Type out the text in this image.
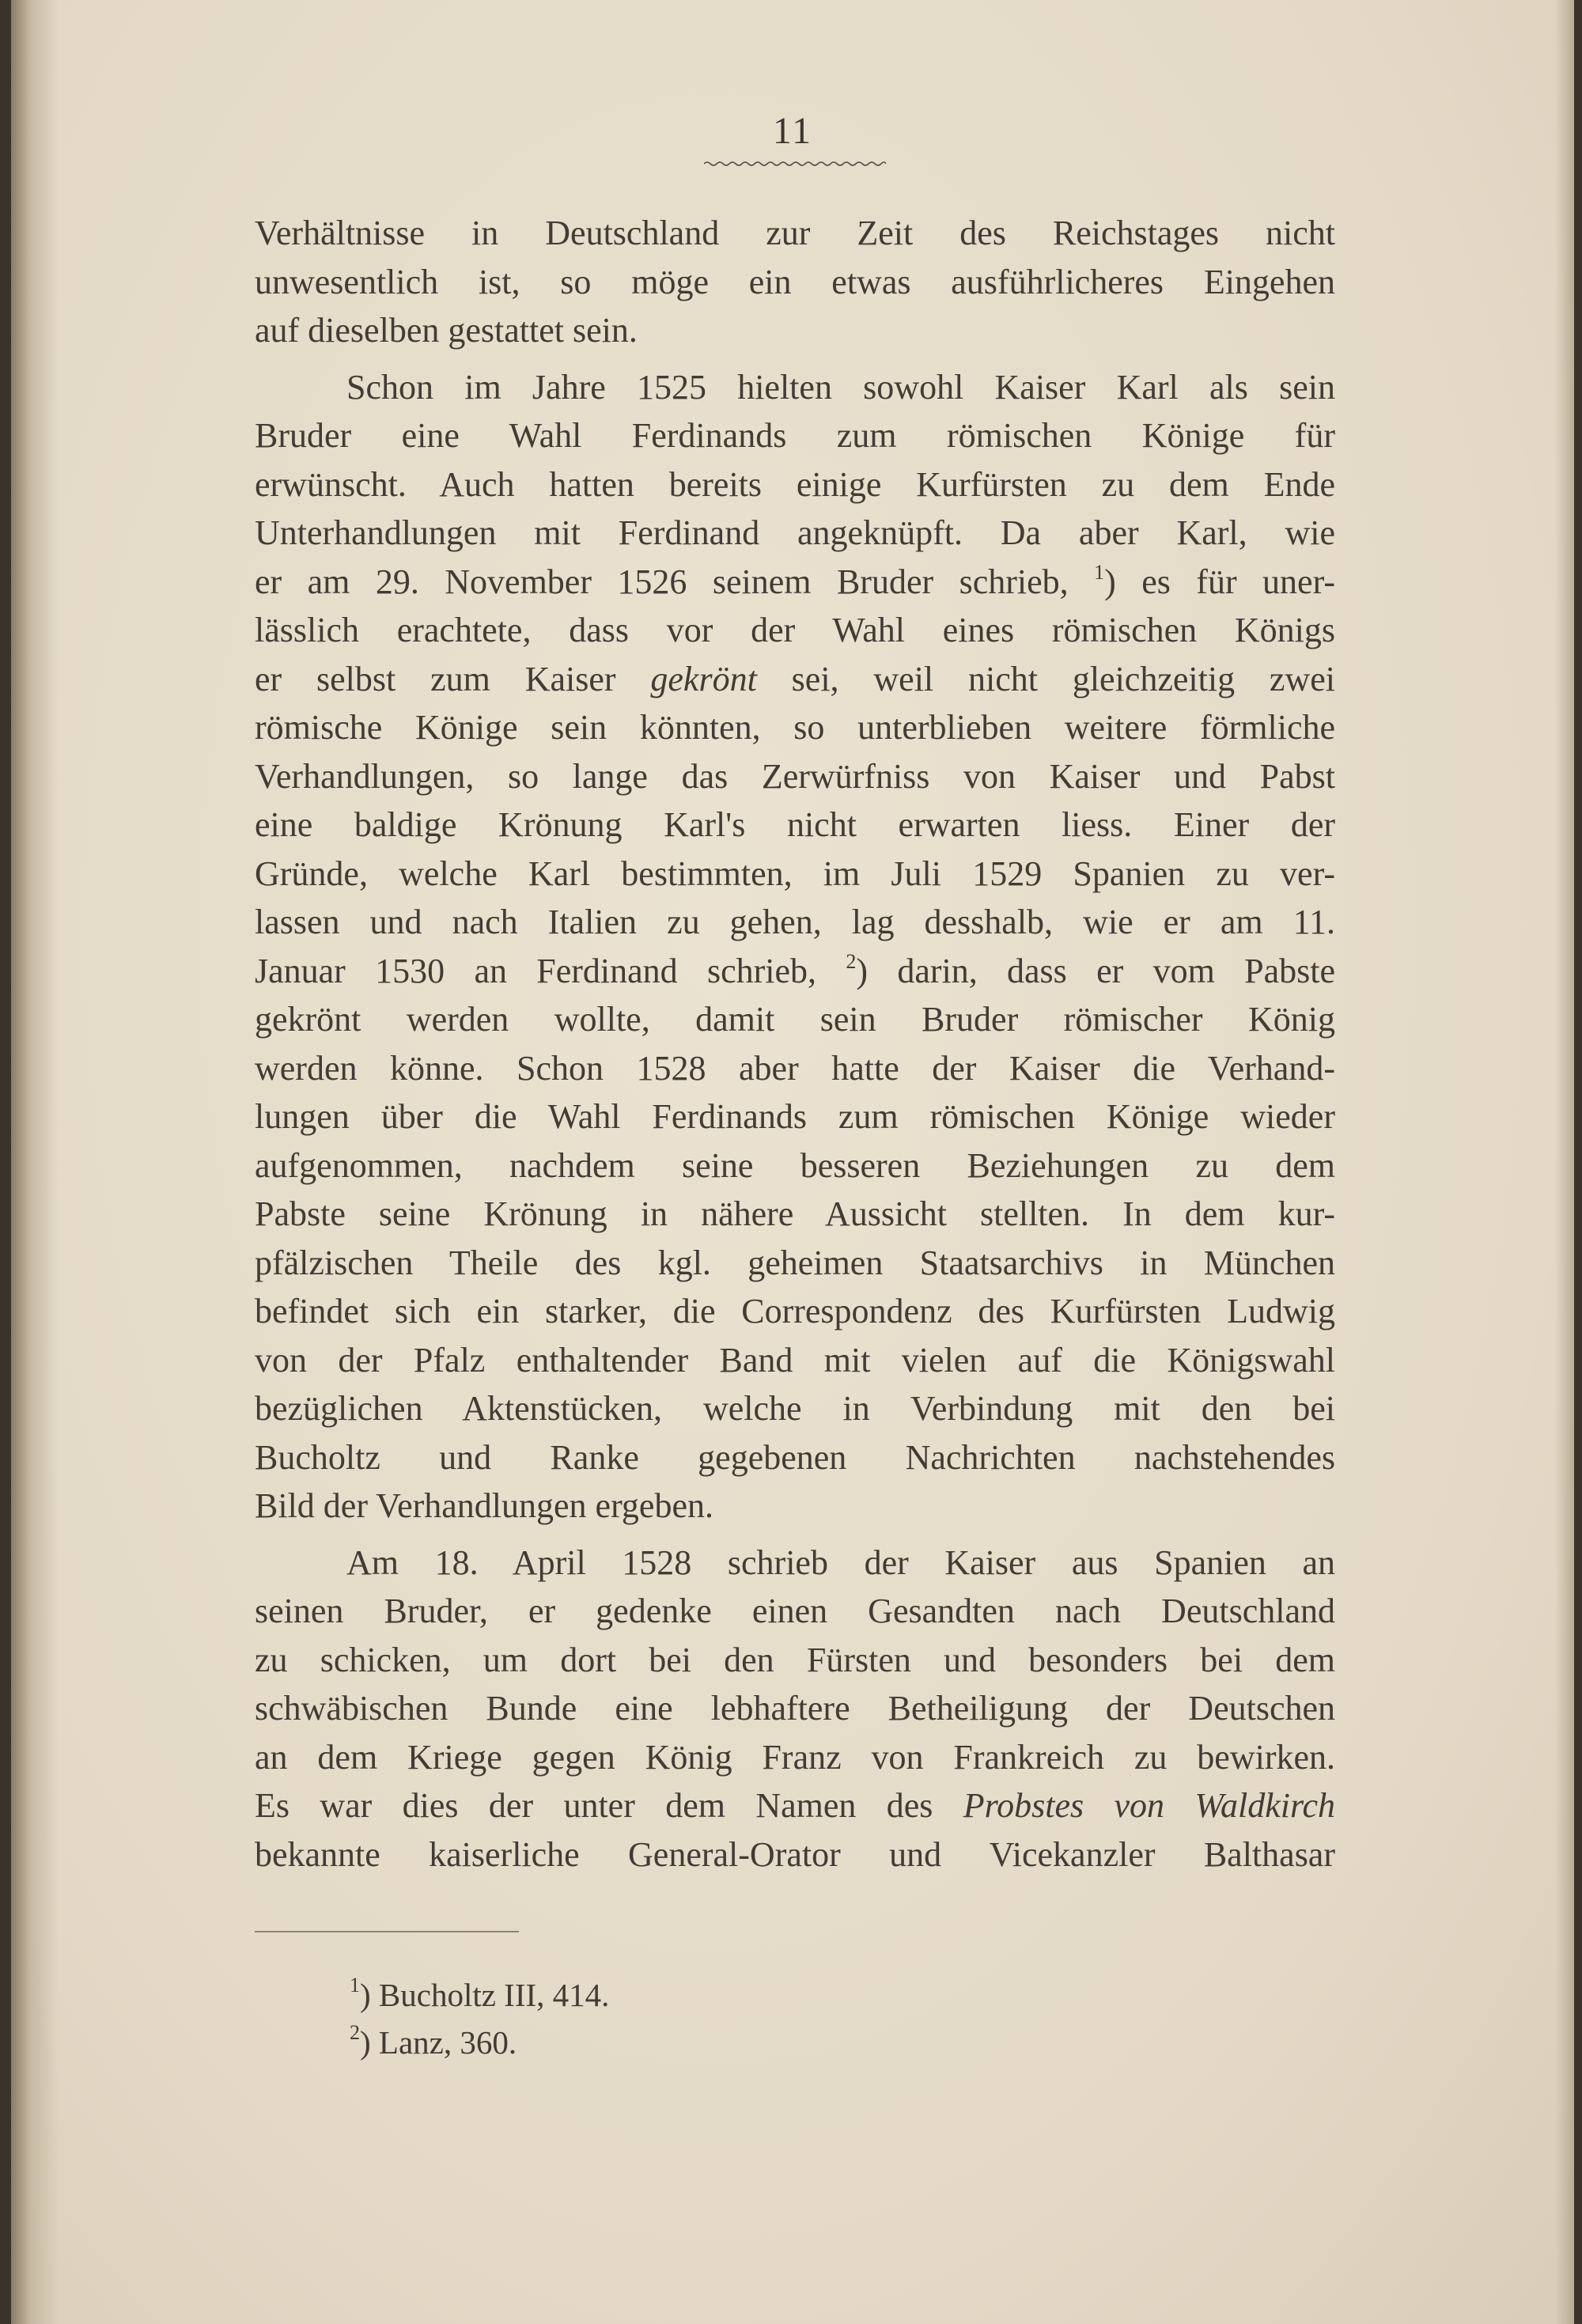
11
Verhältnisse in Deutschland zur Zeit des Reichstages nicht
unwesentlich ist, so möge ein etwas ausführlicheres Eingehen
auf dieselben gestattet sein.
Schon im Jahre 1525 hielten sowohl Kaiser Karl als sein
Bruder eine Wahl Ferdinands zum römischen Könige für
erwünscht. Auch hatten bereits einige Kurfürsten zu dem Ende
Unterhandlungen mit Ferdinand angeknüpft. Da aber Karl, wie
er am 29. November 1526 seinem Bruder schrieb, $^1$) es für uner-
lässlich erachtete, dass vor der Wahl eines römischen Königs
er selbst zum Kaiser gekrönt sei, weil nicht gleichzeitig zwei
römische Könige sein könnten, so unterblieben weitere förmliche
Verhandlungen, so lange das Zerwürfniss von Kaiser und Pabst
eine baldige Krönung Karl's nicht erwarten liess. Einer der
Gründe, welche Karl bestimmten, im Juli 1529 Spanien zu ver-
lassen und nach Italien zu gehen, lag desshalb, wie er am 11.
Januar 1530 an Ferdinand schrieb, $^2$) darin, dass er vom Pabste
gekrönt werden wollte, damit sein Bruder römischer König
werden könne. Schon 1528 aber hatte der Kaiser die Verhand-
lungen über die Wahl Ferdinands zum römischen Könige wieder
aufgenommen, nachdem seine besseren Beziehungen zu dem
Pabste seine Krönung in nähere Aussicht stellten. In dem kur-
pfälzischen Theile des kgl. geheimen Staatsarchivs in München
befindet sich ein starker, die Correspondenz des Kurfürsten Ludwig
von der Pfalz enthaltender Band mit vielen auf die Königswahl
bezüglichen Aktenstücken, welche in Verbindung mit den bei
Bucholtz und Ranke gegebenen Nachrichten nachstehendes
Bild der Verhandlungen ergeben.
Am 18. April 1528 schrieb der Kaiser aus Spanien an
seinen Bruder, er gedenke einen Gesandten nach Deutschland
zu schicken, um dort bei den Fürsten und besonders bei dem
schwäbischen Bunde eine lebhaftere Betheiligung der Deutschen
an dem Kriege gegen König Franz von Frankreich zu bewirken.
Es war dies der unter dem Namen des Probstes von Waldkirch
bekannte kaiserliche General-Orator und Vicekanzler Balthasar
$^1$) Bucholtz III, 414.
$^2$) Lanz, 360.
